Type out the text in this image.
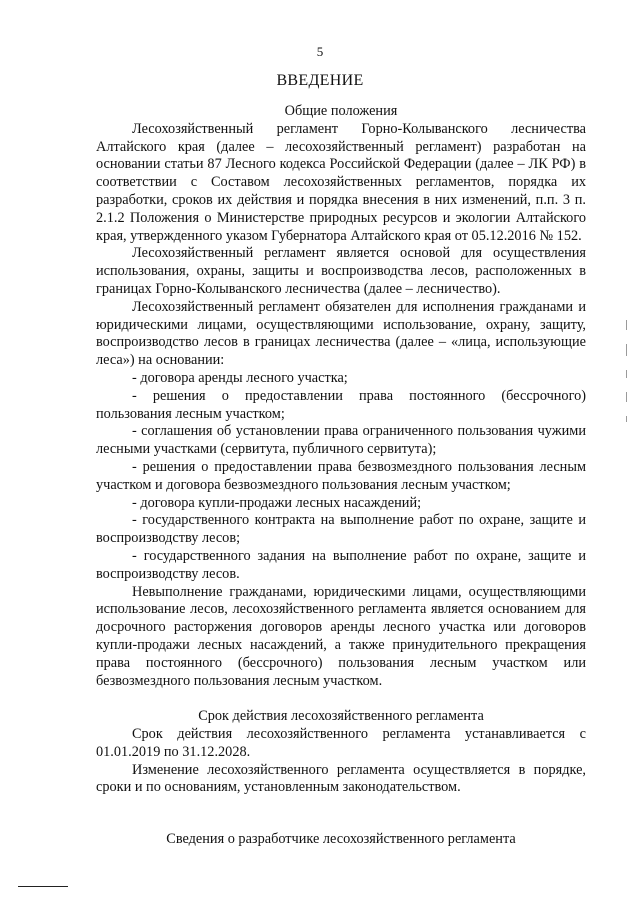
5
ВВЕДЕНИЕ

Общие положения

Лесохозяйственный регламент Горно-Колыванского лесничества Алтайского края (далее – лесохозяйственный регламент) разработан на основании статьи 87 Лесного кодекса Российской Федерации (далее – ЛК РФ) в соответствии с Составом лесохозяйственных регламентов, порядка их разработки, сроков их действия и порядка внесения в них изменений, п.п. 3 п. 2.1.2 Положения о Министерстве природных ресурсов и экологии Алтайского края, утвержденного указом Губернатора Алтайского края от 05.12.2016 № 152.

Лесохозяйственный регламент является основой для осуществления использования, охраны, защиты и воспроизводства лесов, расположенных в границах Горно-Колыванского лесничества (далее – лесничество).

Лесохозяйственный регламент обязателен для исполнения гражданами и юридическими лицами, осуществляющими использование, охрану, защиту, воспроизводство лесов в границах лесничества (далее – «лица, использующие леса») на основании:

- договора аренды лесного участка;

- решения о предоставлении права постоянного (бессрочного) пользования лесным участком;

- соглашения об установлении права ограниченного пользования чужими лесными участками (сервитута, публичного сервитута);

- решения о предоставлении права безвозмездного пользования лесным участком и договора безвозмездного пользования лесным участком;

- договора купли-продажи лесных насаждений;

- государственного контракта на выполнение работ по охране, защите и воспроизводству лесов;

- государственного задания на выполнение работ по охране, защите и воспроизводству лесов.

Невыполнение гражданами, юридическими лицами, осуществляющими использование лесов, лесохозяйственного регламента является основанием для досрочного расторжения договоров аренды лесного участка или договоров купли-продажи лесных насаждений, а также принудительного прекращения права постоянного (бессрочного) пользования лесным участком или безвозмездного пользования лесным участком.

Срок действия лесохозяйственного регламента

Срок действия лесохозяйственного регламента устанавливается с 01.01.2019 по 31.12.2028.

Изменение лесохозяйственного регламента осуществляется в порядке, сроки и по основаниям, установленным законодательством.

Сведения о разработчике лесохозяйственного регламента
